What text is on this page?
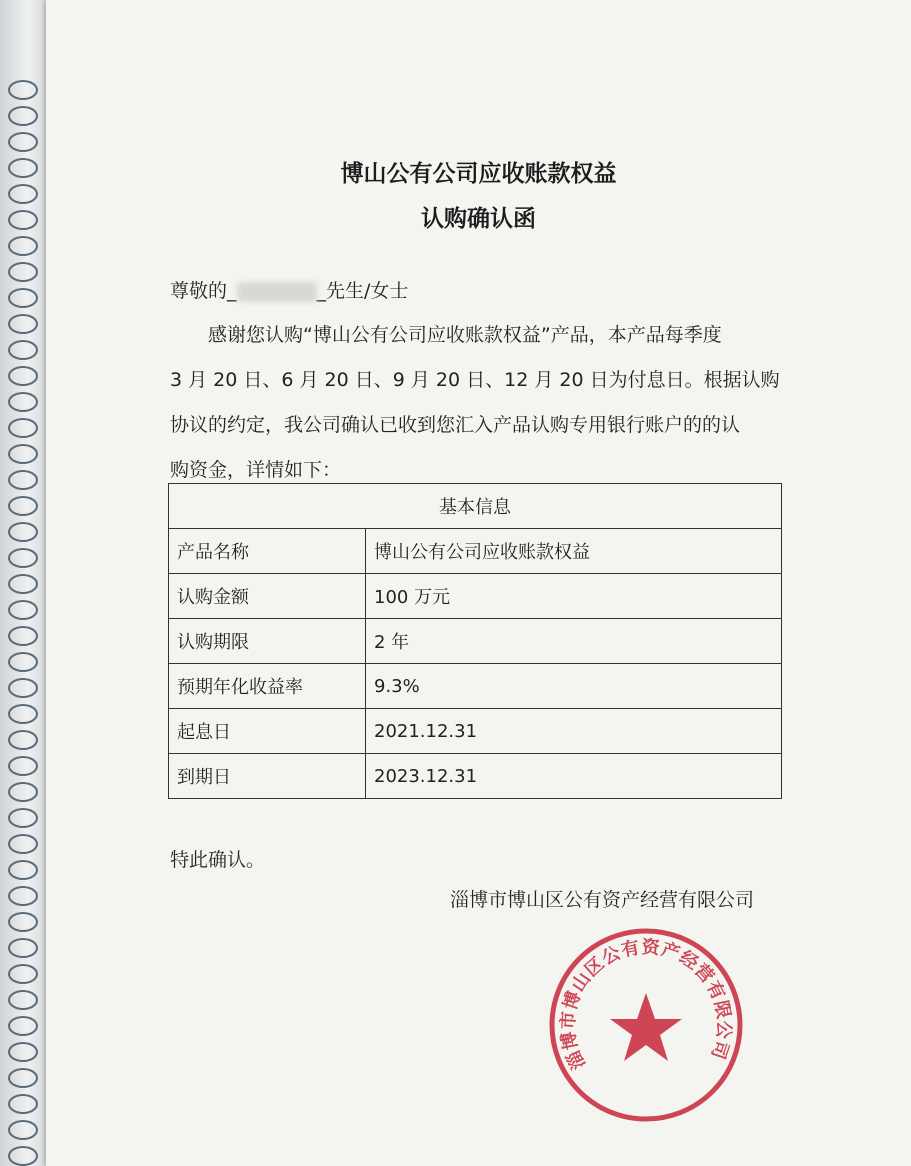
博山公有公司应收账款权益
认购确认函
尊敬的_	_先生/女士
感谢您认购“博山公有公司应收账款权益”产品，本产品每季度
3 月 20 日、6 月 20 日、9 月 20 日、12 月 20 日为付息日。根据认购
协议的约定，我公司确认已收到您汇入产品认购专用银行账户的的认
购资金，详情如下：
基本信息	
产品名称	博山公有公司应收账款权益
认购金额	100 万元
认购期限	2 年
预期年化收益率	9.3%
起息日	2021.12.31
到期日	2023.12.31
特此确认。
淄博市博山区公有资产经营有限公司
淄博市博山区公有资产经营有限公司
